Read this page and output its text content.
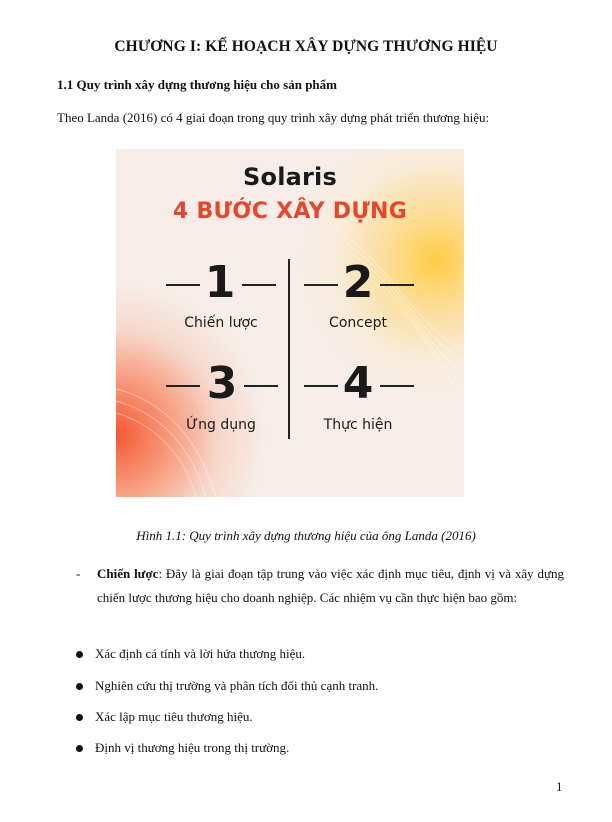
CHƯƠNG I: KẾ HOẠCH XÂY DỰNG THƯƠNG HIỆU
1.1 Quy trình xây dựng thương hiệu cho sản phẩm
Theo Landa (2016) có 4 giai đoạn trong quy trình xây dựng phát triển thương hiệu:
Solaris
4 BƯỚC XÂY DỰNG
1
Chiến lược
2
Concept
3
Ứng dụng
4
Thực hiện
Hình 1.1: Quy trình xây dựng thương hiệu của ông Landa (2016)
- Chiến lược: Đây là giai đoạn tập trung vào việc xác định mục tiêu, định vị và xây dựng chiến lược thương hiệu cho doanh nghiệp. Các nhiệm vụ cần thực hiện bao gồm:
Xác định cá tính và lời hứa thương hiệu.
Nghiên cứu thị trường và phân tích đối thủ cạnh tranh.
Xác lập mục tiêu thương hiệu.
Định vị thương hiệu trong thị trường.
1
